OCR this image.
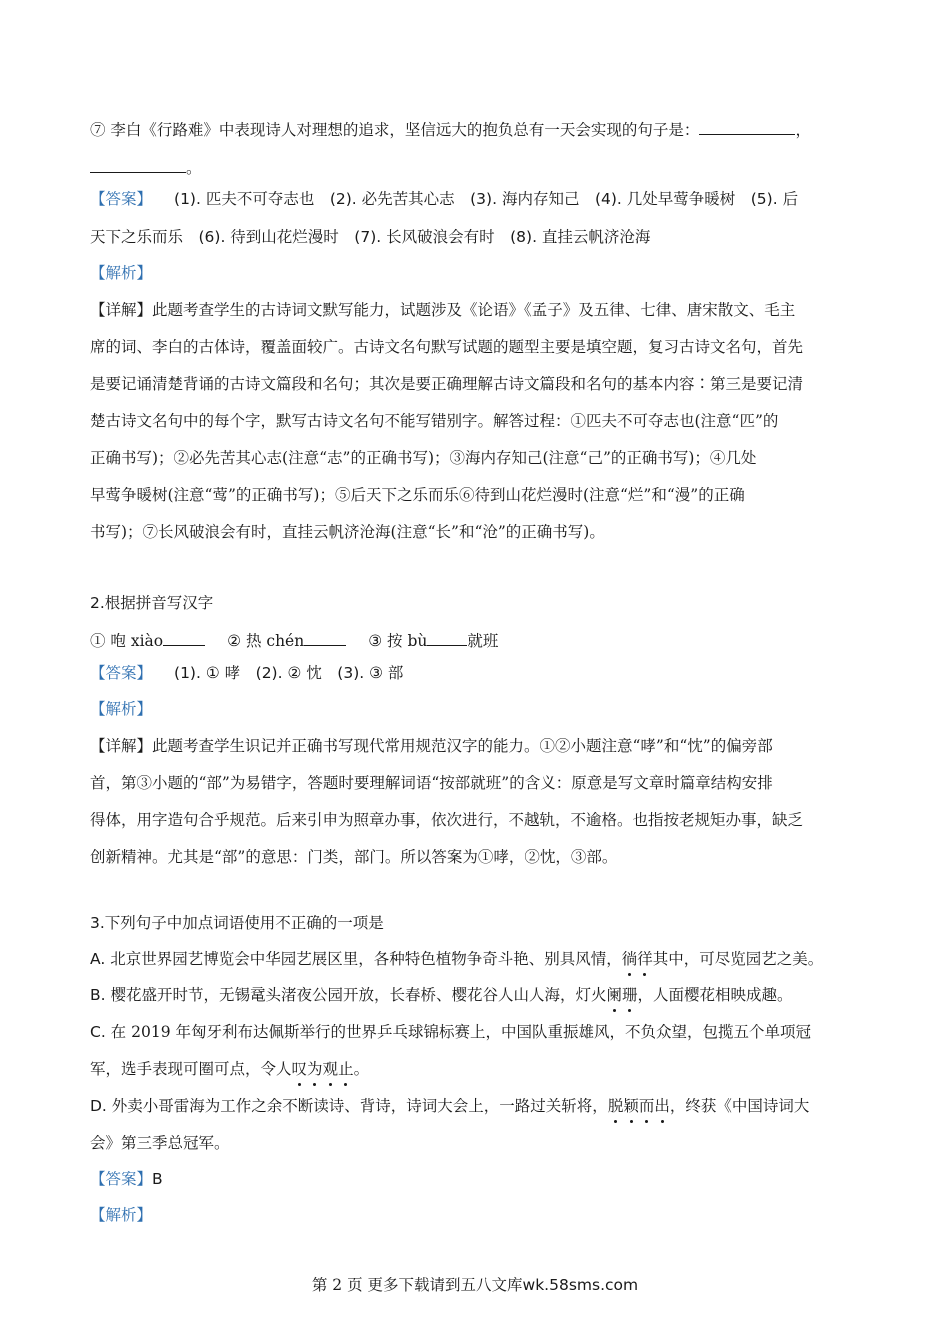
⑦ 李白《行路难》中表现诗人对理想的追求，坚信远大的抱负总有一天会实现的句子是：	，
。
【答案】 (1). 匹夫不可夺志也　(2). 必先苦其心志　(3). 海内存知己　(4). 几处早莺争暖树　(5). 后
天下之乐而乐　(6). 待到山花烂漫时　(7). 长风破浪会有时　(8). 直挂云帆济沧海
【解析】
【详解】此题考查学生的古诗词文默写能力，试题涉及《论语》《孟子》及五律、七律、唐宋散文、毛主
席的词、李白的古体诗，覆盖面较广。古诗文名句默写试题的题型主要是填空题，复习古诗文名句，首先
是要记诵清楚背诵的古诗文篇段和名句；其次是要正确理解古诗文篇段和名句的基本内容∶第三是要记清
楚古诗文名句中的每个字，默写古诗文名句不能写错别字。解答过程：①匹夫不可夺志也(注意“匹”的
正确书写)；②必先苦其心志(注意“志”的正确书写)；③海内存知己(注意“己”的正确书写)；④几处
早莺争暖树(注意“莺”的正确书写)；⑤后天下之乐而乐⑥待到山花烂漫时(注意“烂”和“漫”的正确
书写)；⑦长风破浪会有时，直挂云帆济沧海(注意“长”和“沧”的正确书写)。
2.根据拼音写汉字
① 咆 xiào	② 热 chén	③ 按 bù	就班
【答案】 (1). ① 哮　(2). ② 忱　(3). ③ 部
【解析】
【详解】此题考查学生识记并正确书写现代常用规范汉字的能力。①②小题注意“哮”和“忱”的偏旁部
首，第③小题的“部”为易错字，答题时要理解词语“按部就班”的含义：原意是写文章时篇章结构安排
得体，用字造句合乎规范。后来引申为照章办事，依次进行，不越轨，不逾格。也指按老规矩办事，缺乏
创新精神。尤其是“部”的意思：门类，部门。所以答案为①哮，②忱，③部。
3.下列句子中加点词语使用不正确的一项是
A. 北京世界园艺博览会中华园艺展区里，各种特色植物争奇斗艳、别具风情，徜徉其中，可尽览园艺之美。
B. 樱花盛开时节，无锡鼋头渚夜公园开放，长春桥、樱花谷人山人海，灯火阑珊，人面樱花相映成趣。
C. 在 2019 年匈牙利布达佩斯举行的世界乒乓球锦标赛上，中国队重振雄风，不负众望，包揽五个单项冠
军，选手表现可圈可点，令人叹为观止。
D. 外卖小哥雷海为工作之余不断读诗、背诗，诗词大会上，一路过关斩将，脱颖而出，终获《中国诗词大
会》第三季总冠军。
【答案】B
【解析】
第 2 页 更多下载请到五八文库wk.58sms.com
